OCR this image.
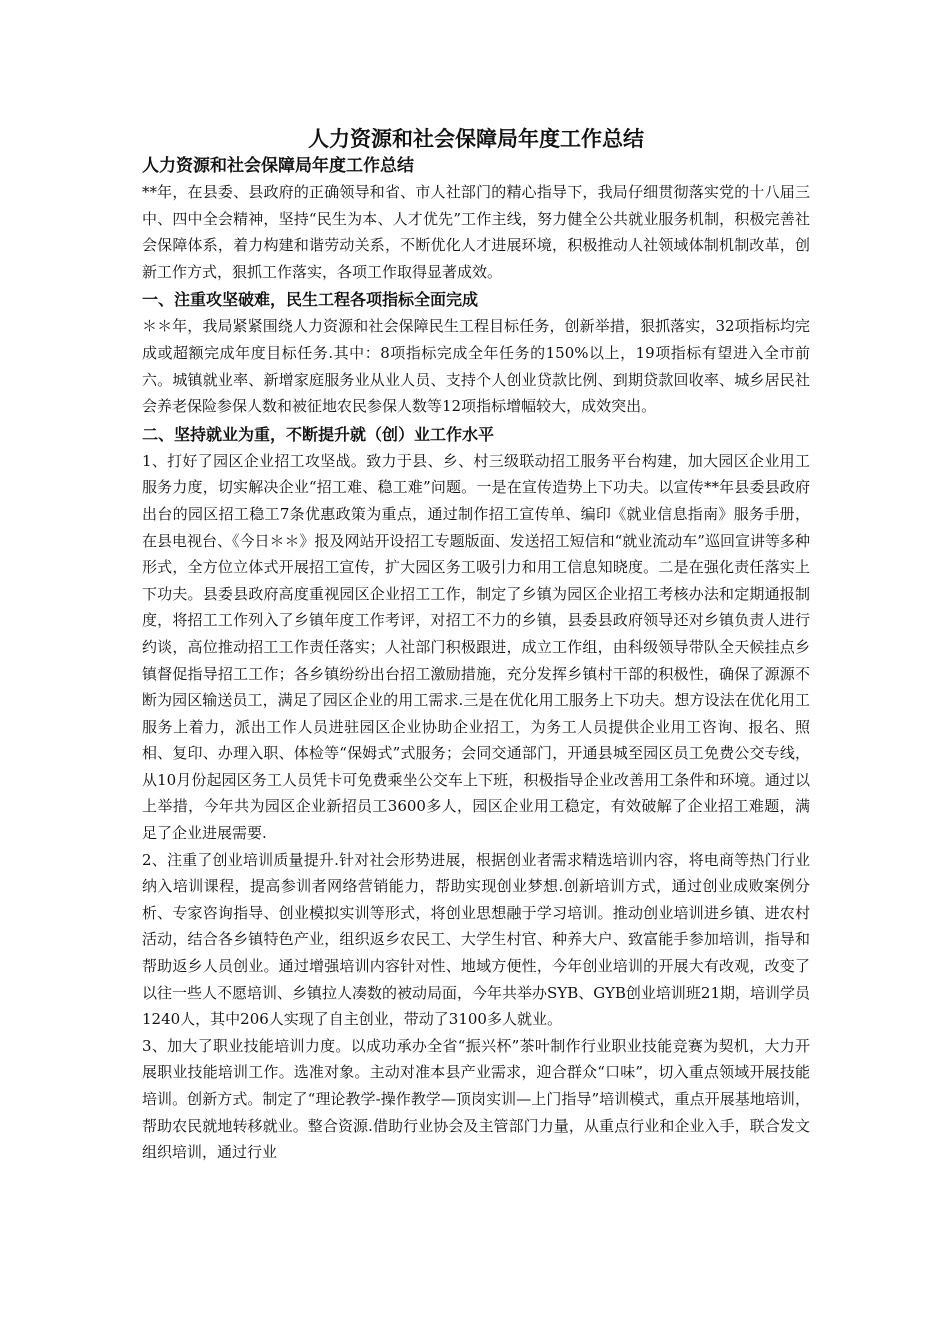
人力资源和社会保障局年度工作总结
人力资源和社会保障局年度工作总结

**年，在县委、县政府的正确领导和省、市人社部门的精心指导下，我局仔细贯彻落实党的十八届三中、四中全会精神，坚持“民生为本、人才优先”工作主线，努力健全公共就业服务机制，积极完善社会保障体系，着力构建和谐劳动关系，不断优化人才进展环境，积极推动人社领域体制机制改革，创新工作方式，狠抓工作落实，各项工作取得显著成效。

一、注重攻坚破难，民生工程各项指标全面完成

＊＊年，我局紧紧围绕人力资源和社会保障民生工程目标任务，创新举措，狠抓落实，32项指标均完成或超额完成年度目标任务.其中：8项指标完成全年任务的150%以上，19项指标有望进入全市前六。城镇就业率、新增家庭服务业从业人员、支持个人创业贷款比例、到期贷款回收率、城乡居民社会养老保险参保人数和被征地农民参保人数等12项指标增幅较大，成效突出。

二、坚持就业为重，不断提升就（创）业工作水平

1、打好了园区企业招工攻坚战。致力于县、乡、村三级联动招工服务平台构建，加大园区企业用工服务力度，切实解决企业“招工难、稳工难”问题。一是在宣传造势上下功夫。以宣传**年县委县政府出台的园区招工稳工7条优惠政策为重点，通过制作招工宣传单、编印《就业信息指南》服务手册，在县电视台、《今日＊＊》报及网站开设招工专题版面、发送招工短信和“就业流动车”巡回宣讲等多种形式，全方位立体式开展招工宣传，扩大园区务工吸引力和用工信息知晓度。二是在强化责任落实上下功夫。县委县政府高度重视园区企业招工工作，制定了乡镇为园区企业招工考核办法和定期通报制度，将招工工作列入了乡镇年度工作考评，对招工不力的乡镇，县委县政府领导还对乡镇负责人进行约谈，高位推动招工工作责任落实；人社部门积极跟进，成立工作组，由科级领导带队全天候挂点乡镇督促指导招工工作；各乡镇纷纷出台招工激励措施，充分发挥乡镇村干部的积极性，确保了源源不断为园区输送员工，满足了园区企业的用工需求.三是在优化用工服务上下功夫。想方设法在优化用工服务上着力，派出工作人员进驻园区企业协助企业招工，为务工人员提供企业用工咨询、报名、照相、复印、办理入职、体检等“保姆式”式服务；会同交通部门，开通县城至园区员工免费公交专线，从10月份起园区务工人员凭卡可免费乘坐公交车上下班，积极指导企业改善用工条件和环境。通过以上举措，今年共为园区企业新招员工3600多人，园区企业用工稳定，有效破解了企业招工难题，满足了企业进展需要.

2、注重了创业培训质量提升.针对社会形势进展，根据创业者需求精选培训内容，将电商等热门行业纳入培训课程，提高参训者网络营销能力，帮助实现创业梦想.创新培训方式，通过创业成败案例分析、专家咨询指导、创业模拟实训等形式，将创业思想融于学习培训。推动创业培训进乡镇、进农村活动，结合各乡镇特色产业，组织返乡农民工、大学生村官、种养大户、致富能手参加培训，指导和帮助返乡人员创业。通过增强培训内容针对性、地域方便性，今年创业培训的开展大有改观，改变了以往一些人不愿培训、乡镇拉人凑数的被动局面，今年共举办SYB、GYB创业培训班21期，培训学员1240人，其中206人实现了自主创业，带动了3100多人就业。

3、加大了职业技能培训力度。以成功承办全省“振兴杯”茶叶制作行业职业技能竞赛为契机，大力开展职业技能培训工作。选准对象。主动对准本县产业需求，迎合群众“口味”，切入重点领域开展技能培训。创新方式。制定了“理论教学-操作教学—顶岗实训—上门指导”培训模式，重点开展基地培训，帮助农民就地转移就业。整合资源.借助行业协会及主管部门力量，从重点行业和企业入手，联合发文组织培训，通过行业
